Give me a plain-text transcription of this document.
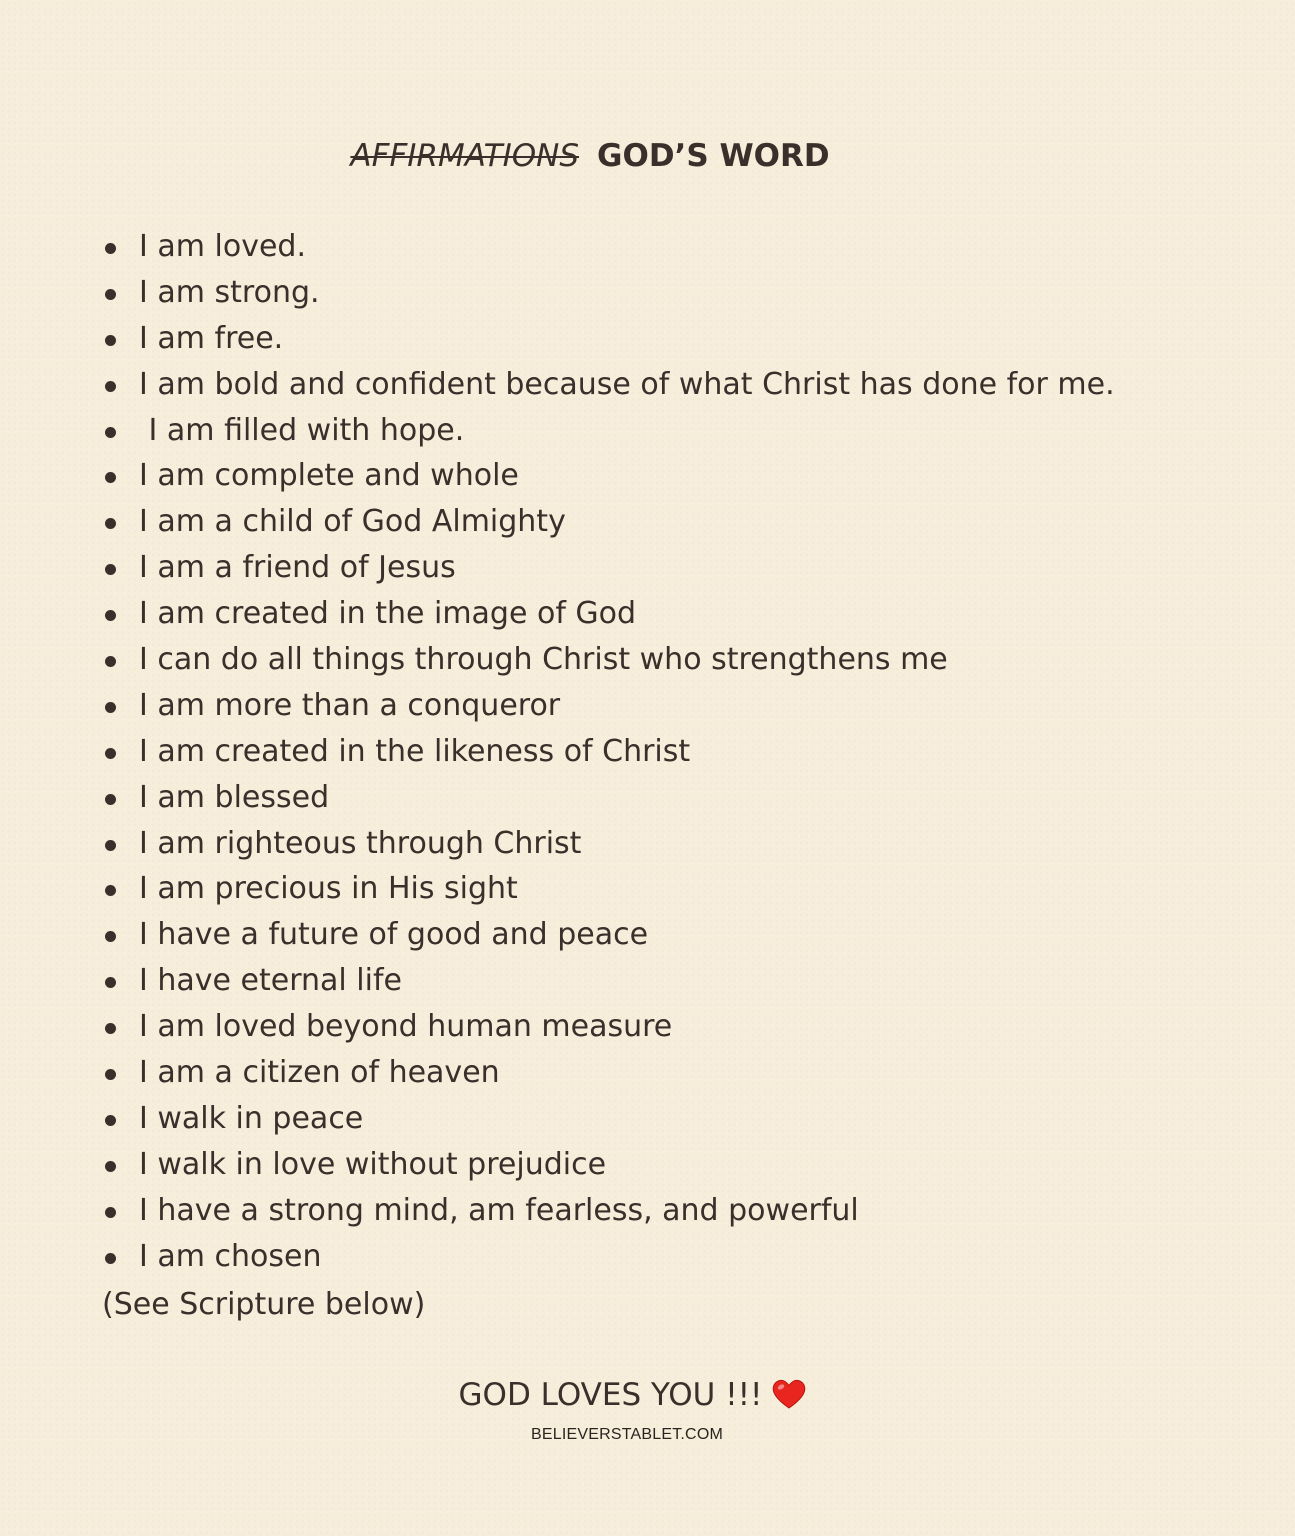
AFFIRMATIONS GOD’S WORD
I am loved.
I am strong.
I am free.
I am bold and confident because of what Christ has done for me.
I am filled with hope.
I am complete and whole
I am a child of God Almighty
I am a friend of Jesus
I am created in the image of God
I can do all things through Christ who strengthens me
I am more than a conqueror
I am created in the likeness of Christ
I am blessed
I am righteous through Christ
I am precious in His sight
I have a future of good and peace
I have eternal life
I am loved beyond human measure
I am a citizen of heaven
I walk in peace
I walk in love without prejudice
I have a strong mind, am fearless, and powerful
I am chosen
(See Scripture below)
GOD LOVES YOU !!!
BELIEVERSTABLET.COM
